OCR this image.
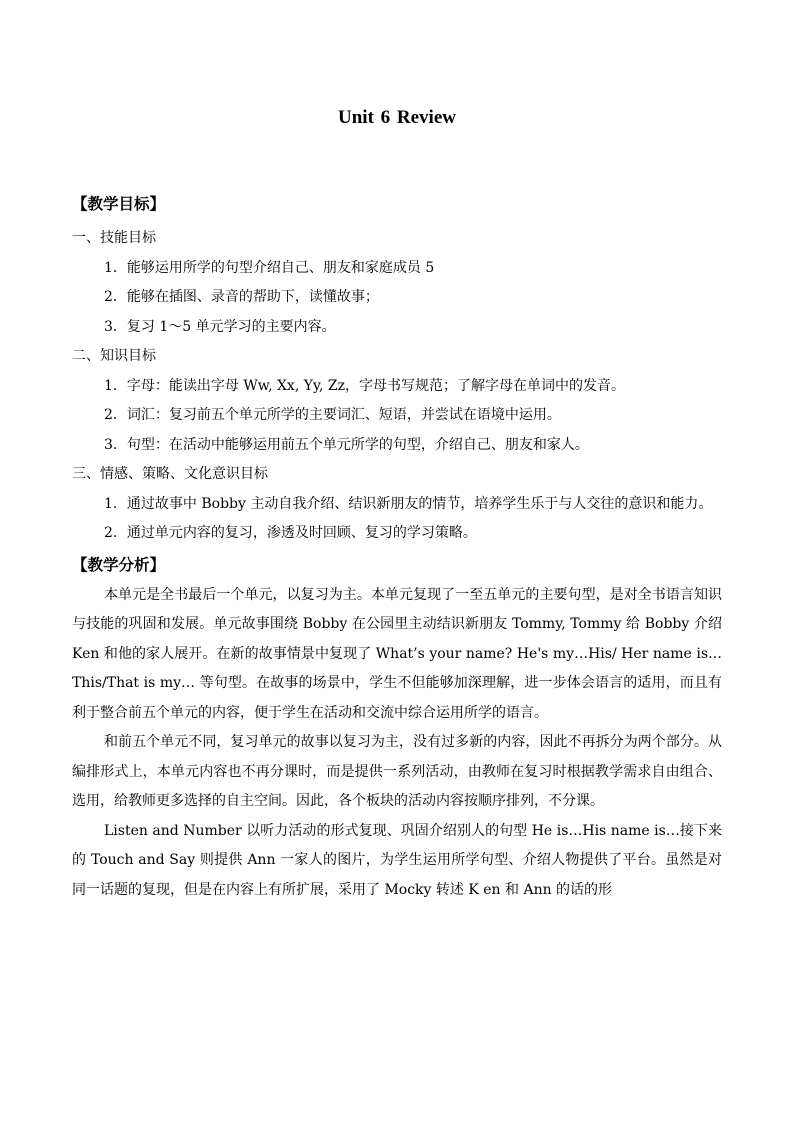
Unit 6 Review

【教学目标】

一、技能目标

1．能够运用所学的句型介绍自己、朋友和家庭成员 5

2．能够在插图、录音的帮助下，读懂故事；

3．复习 1～5 单元学习的主要内容。

二、知识目标

1．字母：能读出字母 Ww, Xx, Yy, Zz，字母书写规范；了解字母在单词中的发音。

2．词汇：复习前五个单元所学的主要词汇、短语，并尝试在语境中运用。

3．句型：在活动中能够运用前五个单元所学的句型，介绍自己、朋友和家人。

三、情感、策略、文化意识目标

1．通过故事中 Bobby 主动自我介绍、结识新朋友的情节，培养学生乐于与人交往的意识和能力。

2．通过单元内容的复习，渗透及时回顾、复习的学习策略。

【教学分析】

本单元是全书最后一个单元，以复习为主。本单元复现了一至五单元的主要句型，是对全书语言知识与技能的巩固和发展。单元故事围绕 Bobby 在公园里主动结识新朋友 Tommy, Tommy 给 Bobby 介绍 Ken 和他的家人展开。在新的故事情景中复现了 What’s your name? He's my…His/ Her name is…This/That is my… 等句型。在故事的场景中，学生不但能够加深理解，进一步体会语言的适用，而且有利于整合前五个单元的内容，便于学生在活动和交流中综合运用所学的语言。

和前五个单元不同，复习单元的故事以复习为主，没有过多新的内容，因此不再拆分为两个部分。从编排形式上，本单元内容也不再分课时，而是提供一系列活动，由教师在复习时根据教学需求自由组合、选用，给教师更多选择的自主空间。因此，各个板块的活动内容按顺序排列，不分课。

Listen and Number 以听力活动的形式复现、巩固介绍别人的句型 He is…His name is…接下来的 Touch and Say 则提供 Ann 一家人的图片，为学生运用所学句型、介绍人物提供了平台。虽然是对同一话题的复现，但是在内容上有所扩展，采用了 Mocky 转述 K en 和 Ann 的话的形
